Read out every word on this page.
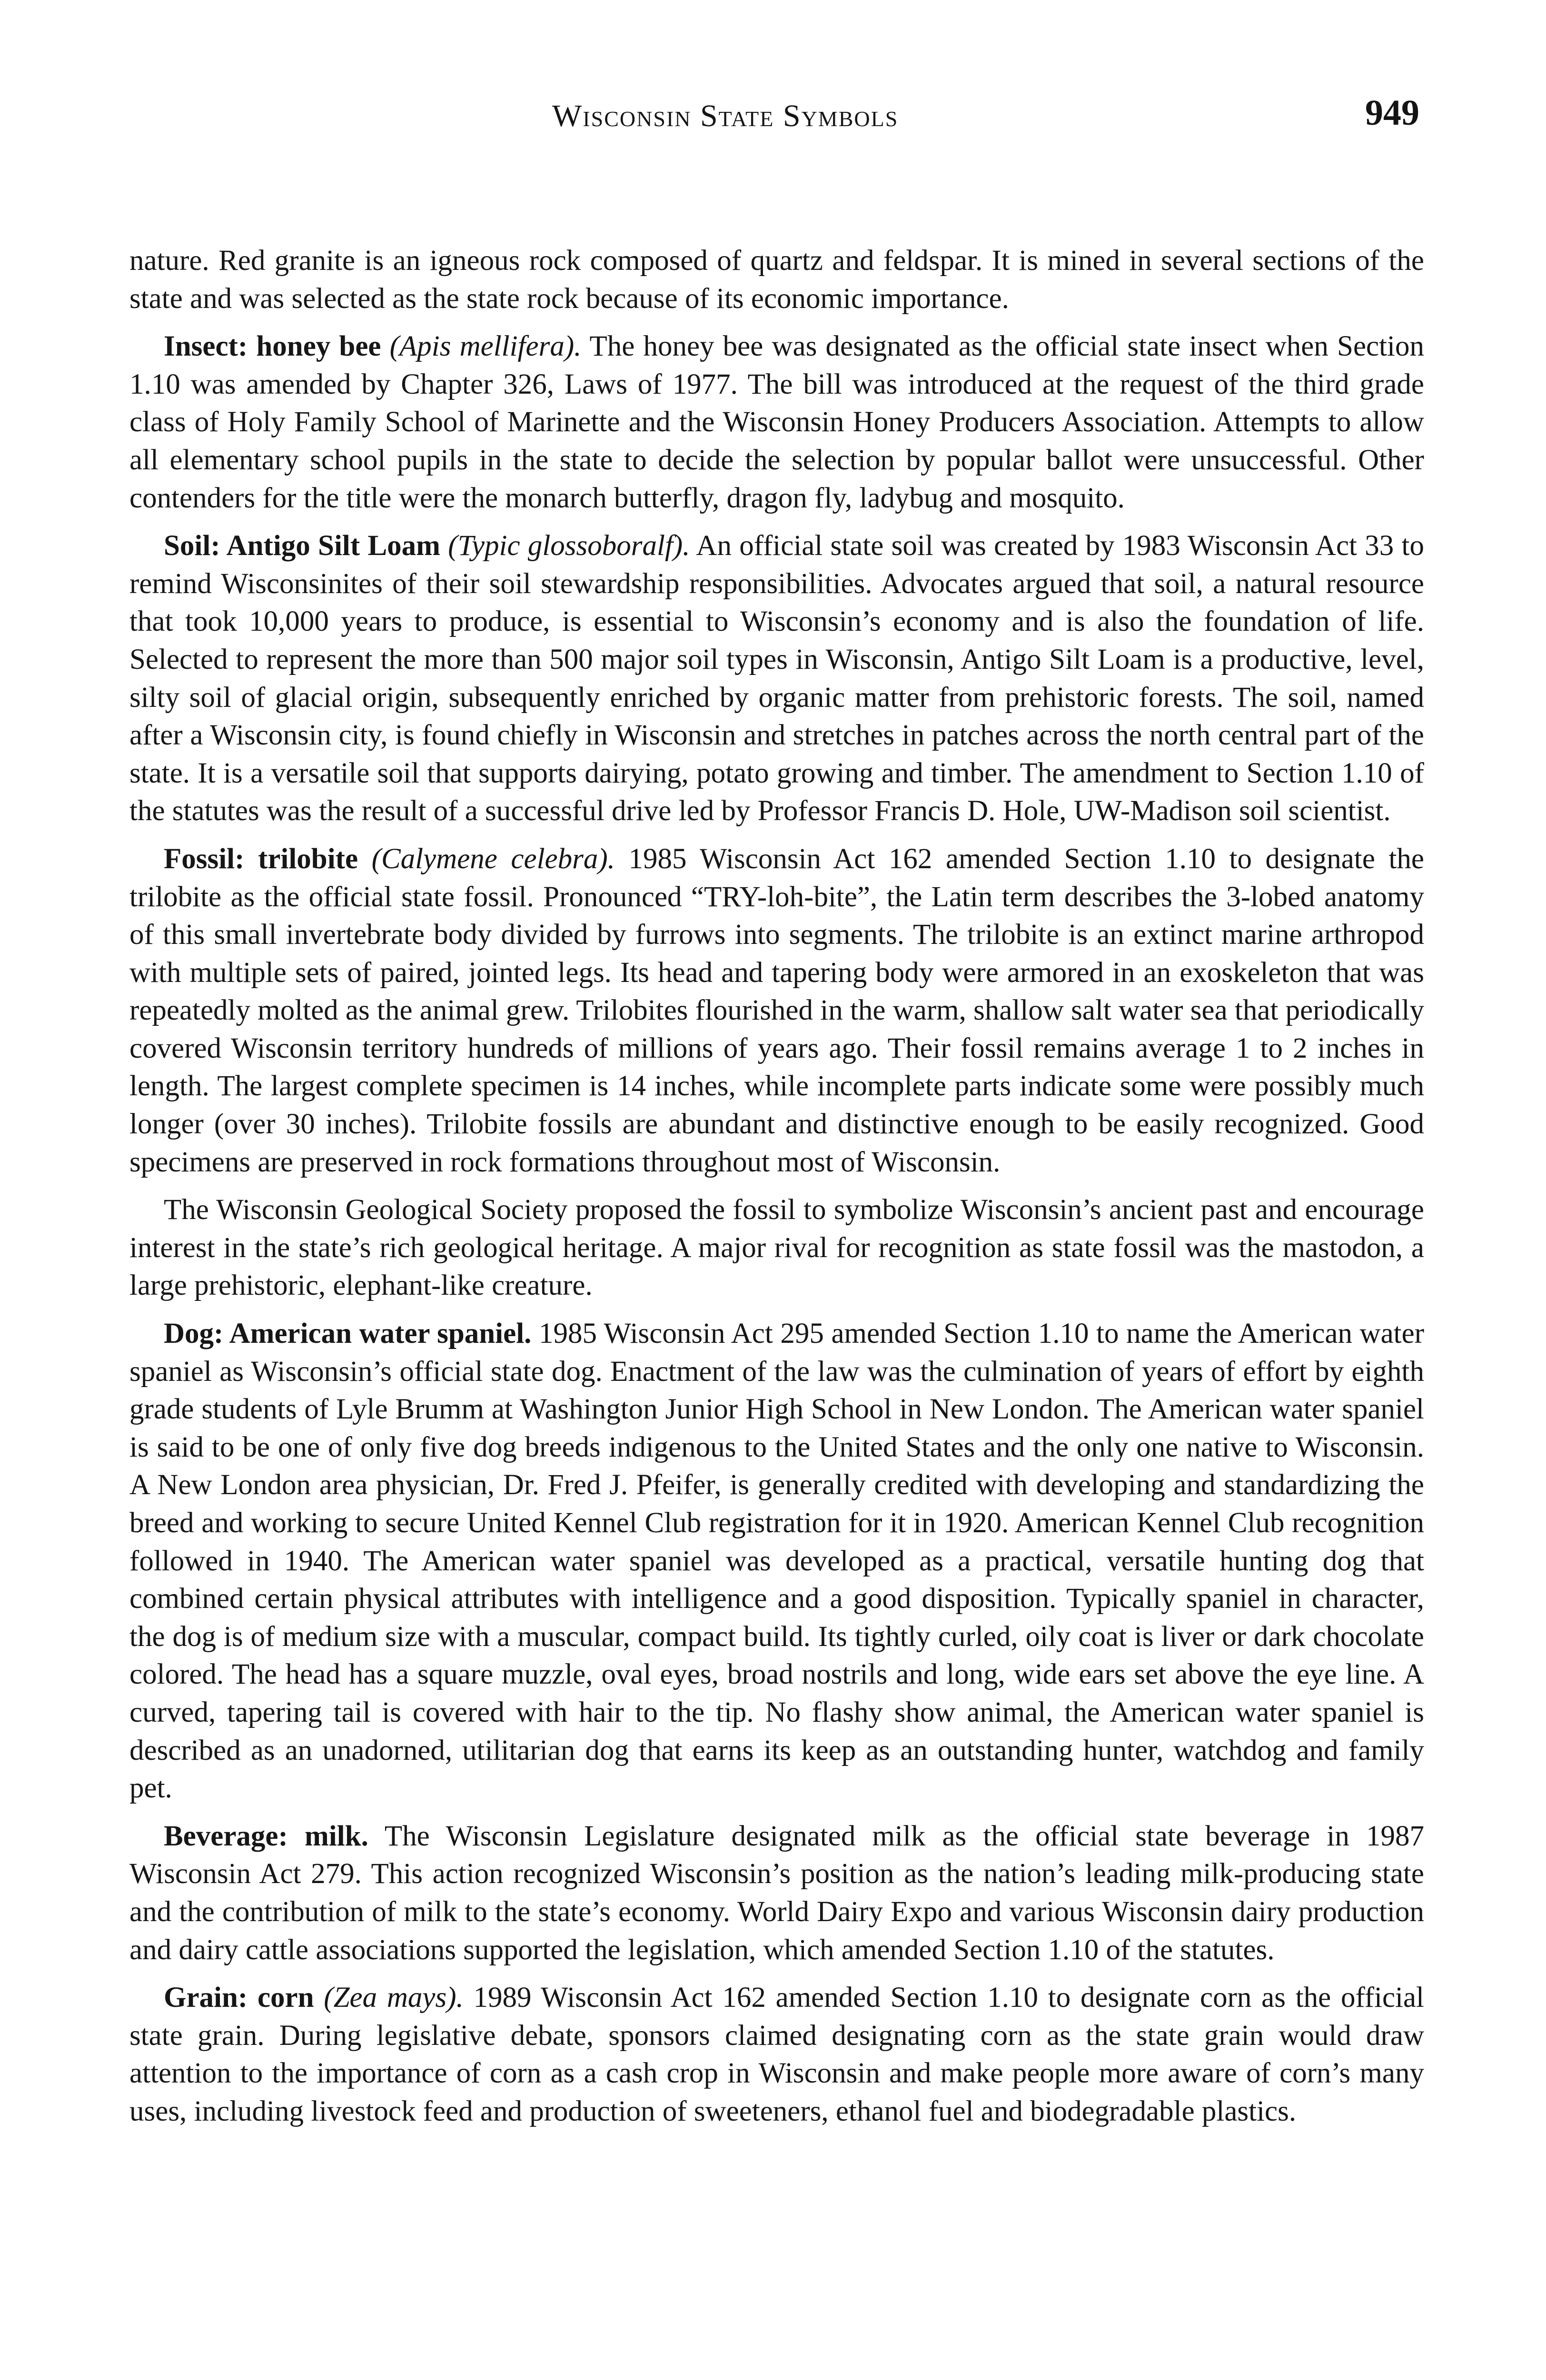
Wisconsin State Symbols	949

nature. Red granite is an igneous rock composed of quartz and feldspar. It is mined in several sections of the state and was selected as the state rock because of its economic importance.

Insect: honey bee (Apis mellifera). The honey bee was designated as the official state insect when Section 1.10 was amended by Chapter 326, Laws of 1977. The bill was introduced at the request of the third grade class of Holy Family School of Marinette and the Wisconsin Honey Producers Association. Attempts to allow all elementary school pupils in the state to decide the selection by popular ballot were unsuccessful. Other contenders for the title were the monarch butterfly, dragon fly, ladybug and mosquito.

Soil: Antigo Silt Loam (Typic glossoboralf). An official state soil was created by 1983 Wisconsin Act 33 to remind Wisconsinites of their soil stewardship responsibilities. Advocates argued that soil, a natural resource that took 10,000 years to produce, is essential to Wisconsin’s economy and is also the foundation of life. Selected to represent the more than 500 major soil types in Wisconsin, Antigo Silt Loam is a productive, level, silty soil of glacial origin, subsequently enriched by organic matter from prehistoric forests. The soil, named after a Wisconsin city, is found chiefly in Wisconsin and stretches in patches across the north central part of the state. It is a versatile soil that supports dairying, potato growing and timber. The amendment to Section 1.10 of the statutes was the result of a successful drive led by Professor Francis D. Hole, UW-Madison soil scientist.

Fossil: trilobite (Calymene celebra). 1985 Wisconsin Act 162 amended Section 1.10 to designate the trilobite as the official state fossil. Pronounced “TRY-loh-bite”, the Latin term describes the 3-lobed anatomy of this small invertebrate body divided by furrows into segments. The trilobite is an extinct marine arthropod with multiple sets of paired, jointed legs. Its head and tapering body were armored in an exoskeleton that was repeatedly molted as the animal grew. Trilobites flourished in the warm, shallow salt water sea that periodically covered Wisconsin territory hundreds of millions of years ago. Their fossil remains average 1 to 2 inches in length. The largest complete specimen is 14 inches, while incomplete parts indicate some were possibly much longer (over 30 inches). Trilobite fossils are abundant and distinctive enough to be easily recognized. Good specimens are preserved in rock formations throughout most of Wisconsin.

The Wisconsin Geological Society proposed the fossil to symbolize Wisconsin’s ancient past and encourage interest in the state’s rich geological heritage. A major rival for recognition as state fossil was the mastodon, a large prehistoric, elephant-like creature.

Dog: American water spaniel. 1985 Wisconsin Act 295 amended Section 1.10 to name the American water spaniel as Wisconsin’s official state dog. Enactment of the law was the culmination of years of effort by eighth grade students of Lyle Brumm at Washington Junior High School in New London. The American water spaniel is said to be one of only five dog breeds indigenous to the United States and the only one native to Wisconsin. A New London area physician, Dr. Fred J. Pfeifer, is generally credited with developing and standardizing the breed and working to secure United Kennel Club registration for it in 1920. American Kennel Club recognition followed in 1940. The American water spaniel was developed as a practical, versatile hunting dog that combined certain physical attributes with intelligence and a good disposition. Typically spaniel in character, the dog is of medium size with a muscular, compact build. Its tightly curled, oily coat is liver or dark chocolate colored. The head has a square muzzle, oval eyes, broad nostrils and long, wide ears set above the eye line. A curved, tapering tail is covered with hair to the tip. No flashy show animal, the American water spaniel is described as an unadorned, utilitarian dog that earns its keep as an outstanding hunter, watchdog and family pet.

Beverage: milk. The Wisconsin Legislature designated milk as the official state beverage in 1987 Wisconsin Act 279. This action recognized Wisconsin’s position as the nation’s leading milk-producing state and the contribution of milk to the state’s economy. World Dairy Expo and various Wisconsin dairy production and dairy cattle associations supported the legislation, which amended Section 1.10 of the statutes.

Grain: corn (Zea mays). 1989 Wisconsin Act 162 amended Section 1.10 to designate corn as the official state grain. During legislative debate, sponsors claimed designating corn as the state grain would draw attention to the importance of corn as a cash crop in Wisconsin and make people more aware of corn’s many uses, including livestock feed and production of sweeteners, ethanol fuel and biodegradable plastics.
